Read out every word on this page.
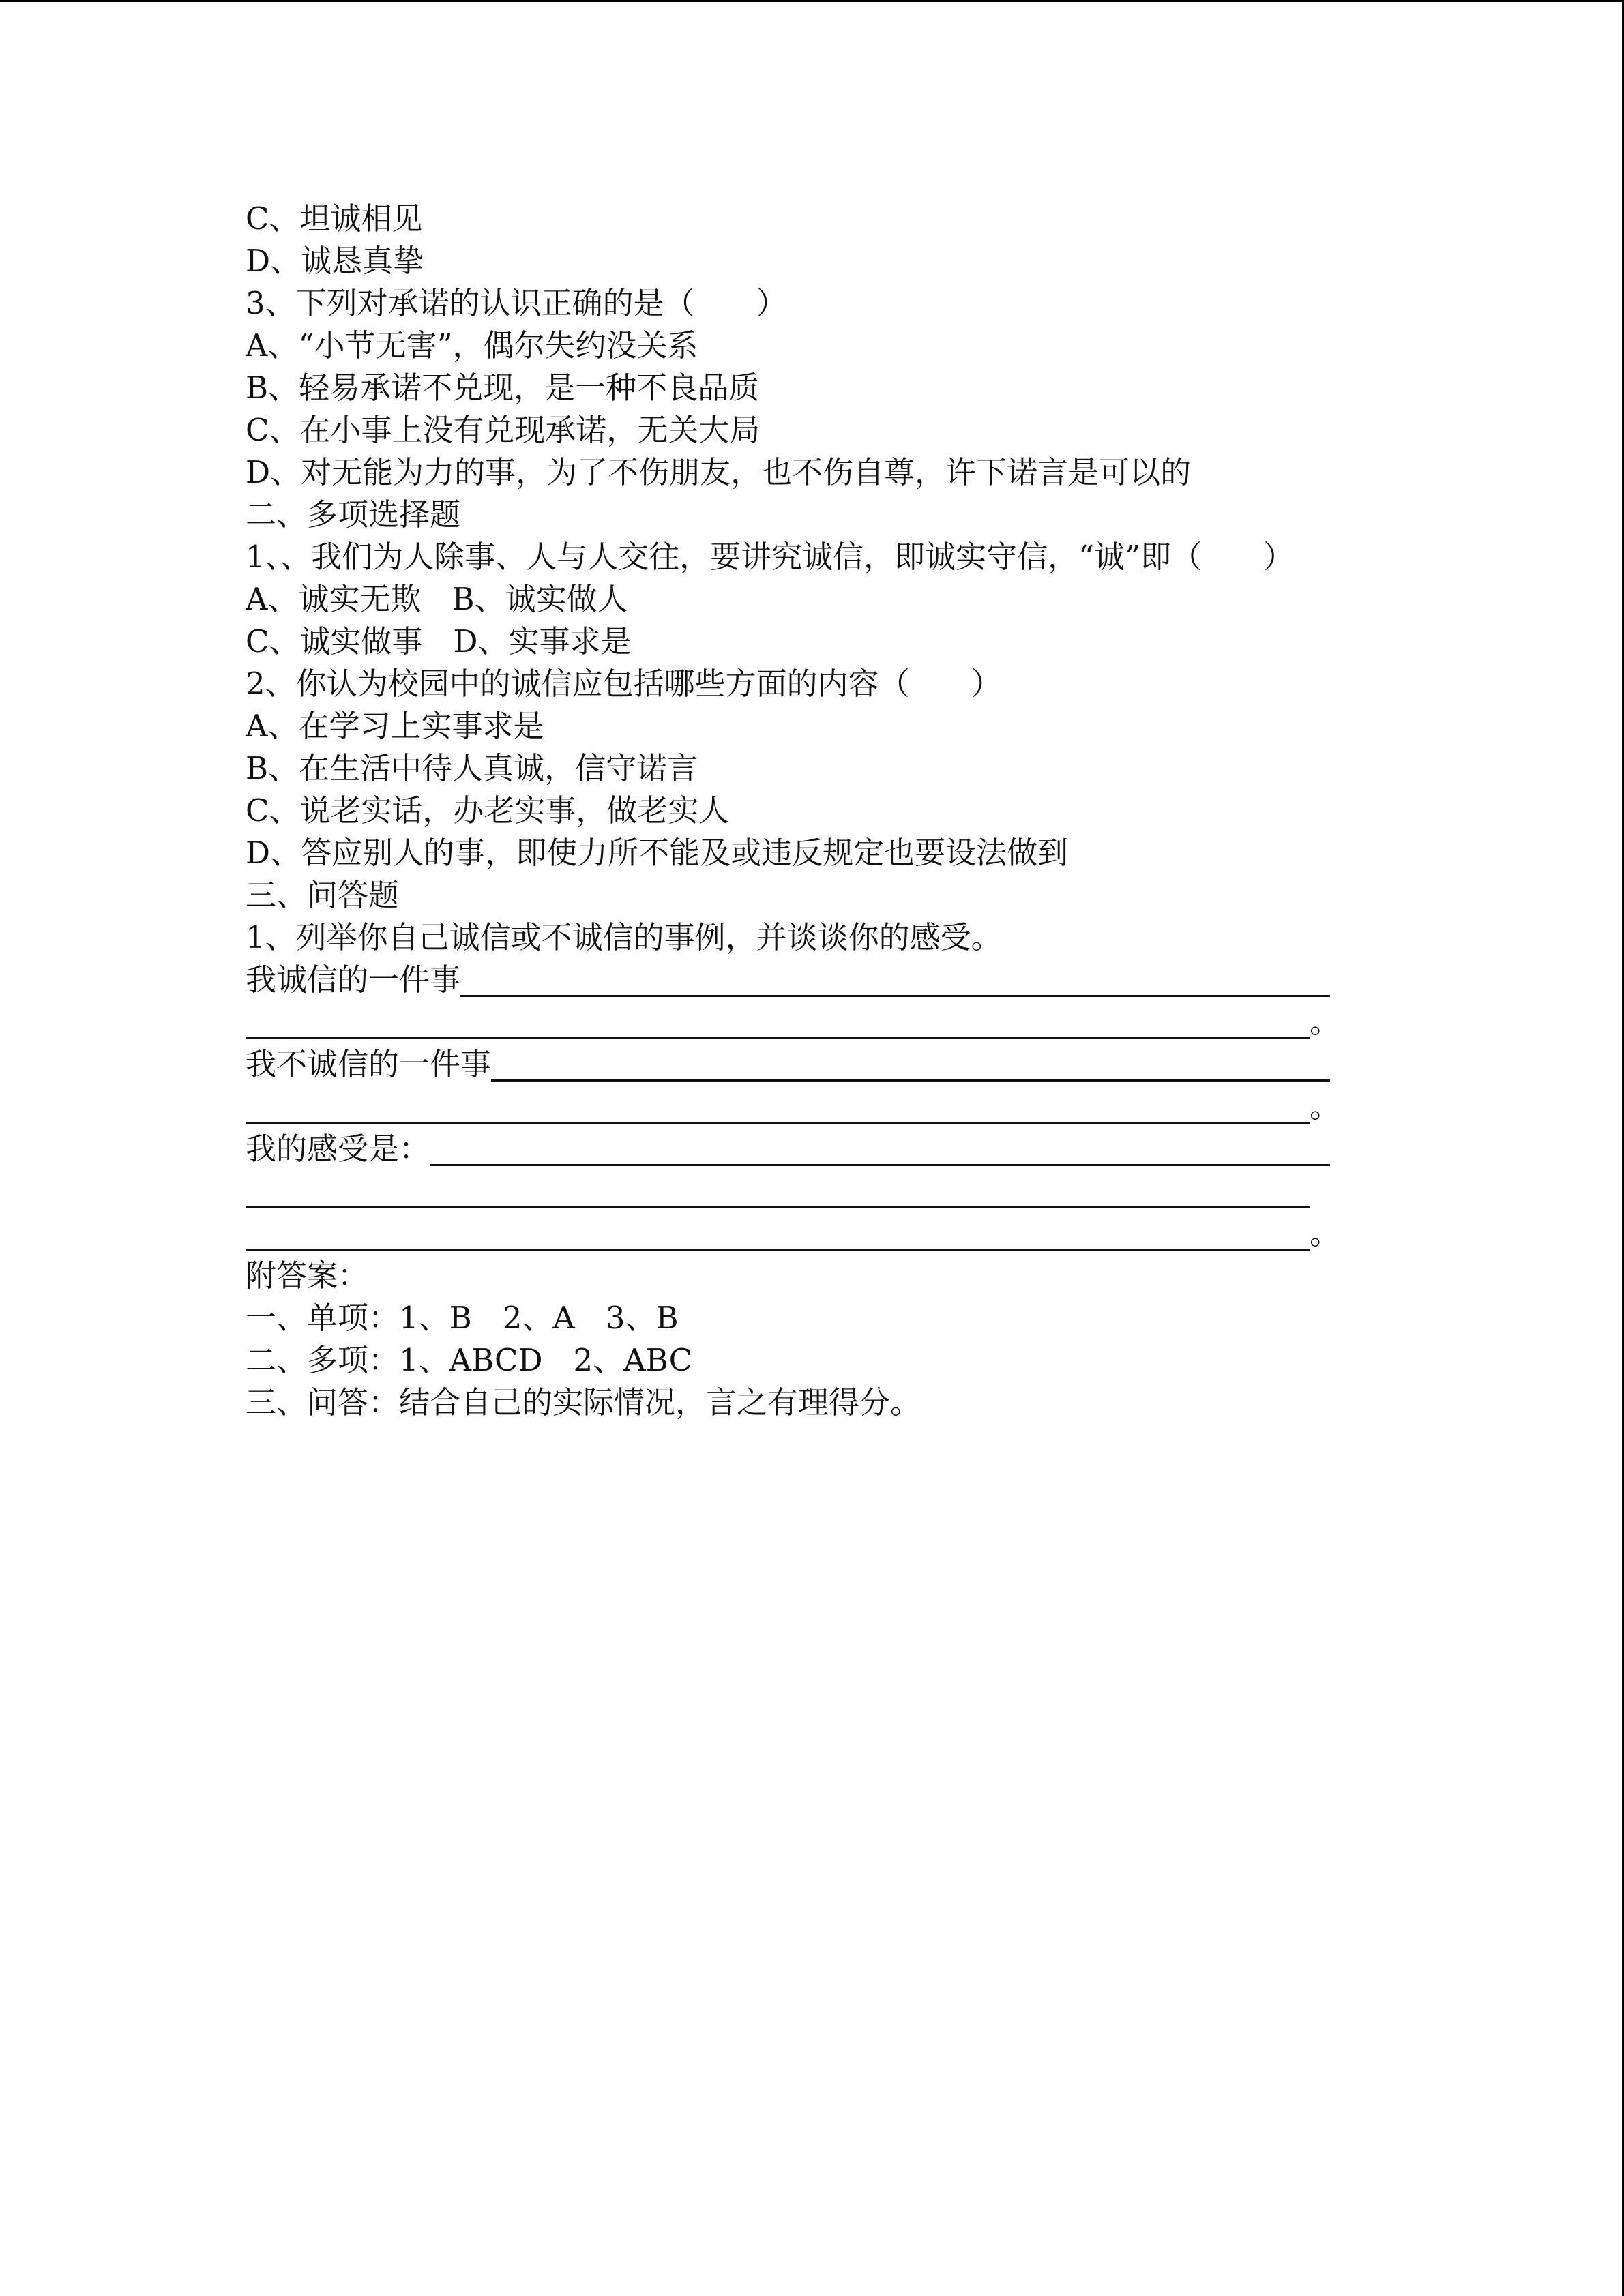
C、坦诚相见
D、诚恳真挚
3、下列对承诺的认识正确的是（　　）
A、“小节无害”，偶尔失约没关系
B、轻易承诺不兑现，是一种不良品质
C、在小事上没有兑现承诺，无关大局
D、对无能为力的事，为了不伤朋友，也不伤自尊，许下诺言是可以的
二、多项选择题
1、、我们为人除事、人与人交往，要讲究诚信，即诚实守信，“诚”即（　　）
A、诚实无欺　B、诚实做人
C、诚实做事　D、实事求是
2、你认为校园中的诚信应包括哪些方面的内容（　　）
A、在学习上实事求是
B、在生活中待人真诚，信守诺言
C、说老实话，办老实事，做老实人
D、答应别人的事，即使力所不能及或违反规定也要设法做到
三、问答题
1、列举你自己诚信或不诚信的事例，并谈谈你的感受。
我诚信的一件事
。
我不诚信的一件事
。
我的感受是：
。
附答案：
一、单项：1、B　2、A　3、B
二、多项：1、ABCD　2、ABC
三、问答：结合自己的实际情况，言之有理得分。
